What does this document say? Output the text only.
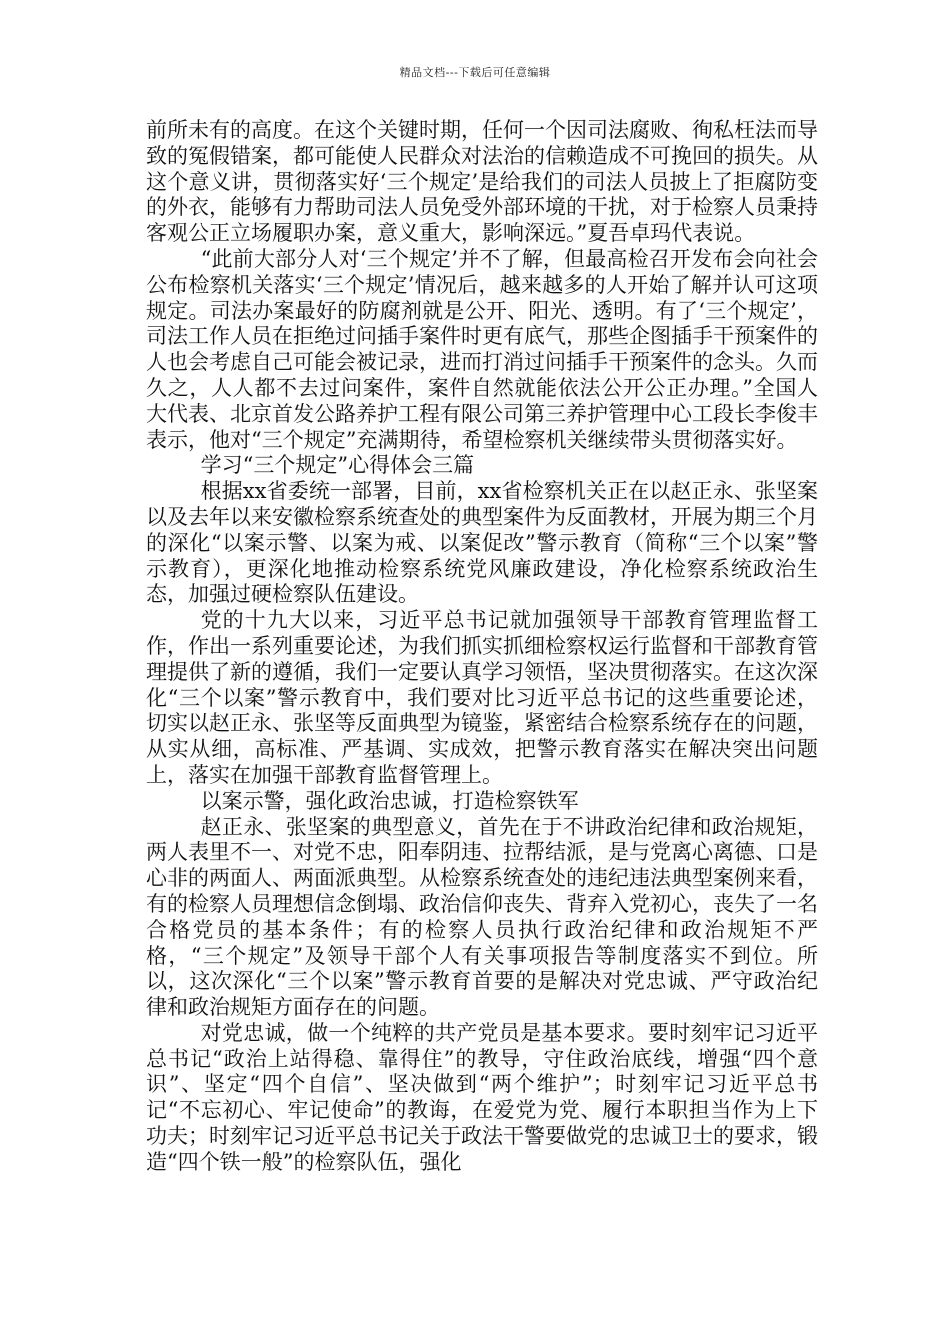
精品文档---下载后可任意编辑

前所未有的高度。在这个关键时期，任何一个因司法腐败、徇私枉法而导致的冤假错案，都可能使人民群众对法治的信赖造成不可挽回的损失。从这个意义讲，贯彻落实好‘三个规定’是给我们的司法人员披上了拒腐防变的外衣，能够有力帮助司法人员免受外部环境的干扰，对于检察人员秉持客观公正立场履职办案，意义重大，影响深远。”夏吾卓玛代表说。

“此前大部分人对‘三个规定’并不了解，但最高检召开发布会向社会公布检察机关落实‘三个规定’情况后，越来越多的人开始了解并认可这项规定。司法办案最好的防腐剂就是公开、阳光、透明。有了‘三个规定’，司法工作人员在拒绝过问插手案件时更有底气，那些企图插手干预案件的人也会考虑自己可能会被记录，进而打消过问插手干预案件的念头。久而久之，人人都不去过问案件，案件自然就能依法公开公正办理。”全国人大代表、北京首发公路养护工程有限公司第三养护管理中心工段长李俊丰表示，他对“三个规定”充满期待，希望检察机关继续带头贯彻落实好。

学习“三个规定”心得体会三篇

根据xx省委统一部署，目前，xx省检察机关正在以赵正永、张坚案以及去年以来安徽检察系统查处的典型案件为反面教材，开展为期三个月的深化“以案示警、以案为戒、以案促改”警示教育（简称“三个以案”警示教育），更深化地推动检察系统党风廉政建设，净化检察系统政治生态，加强过硬检察队伍建设。

党的十九大以来，习近平总书记就加强领导干部教育管理监督工作，作出一系列重要论述，为我们抓实抓细检察权运行监督和干部教育管理提供了新的遵循，我们一定要认真学习领悟，坚决贯彻落实。在这次深化“三个以案”警示教育中，我们要对比习近平总书记的这些重要论述，切实以赵正永、张坚等反面典型为镜鉴，紧密结合检察系统存在的问题，从实从细，高标准、严基调、实成效，把警示教育落实在解决突出问题上，落实在加强干部教育监督管理上。

以案示警，强化政治忠诚，打造检察铁军

赵正永、张坚案的典型意义，首先在于不讲政治纪律和政治规矩，两人表里不一、对党不忠，阳奉阴违、拉帮结派，是与党离心离德、口是心非的两面人、两面派典型。从检察系统查处的违纪违法典型案例来看，有的检察人员理想信念倒塌、政治信仰丧失、背弃入党初心，丧失了一名合格党员的基本条件；有的检察人员执行政治纪律和政治规矩不严格，“三个规定”及领导干部个人有关事项报告等制度落实不到位。所以，这次深化“三个以案”警示教育首要的是解决对党忠诚、严守政治纪律和政治规矩方面存在的问题。

对党忠诚，做一个纯粹的共产党员是基本要求。要时刻牢记习近平总书记“政治上站得稳、靠得住”的教导，守住政治底线，增强“四个意识”、坚定“四个自信”、坚决做到“两个维护”；时刻牢记习近平总书记“不忘初心、牢记使命”的教诲，在爱党为党、履行本职担当作为上下功夫；时刻牢记习近平总书记关于政法干警要做党的忠诚卫士的要求，锻造“四个铁一般”的检察队伍，强化
